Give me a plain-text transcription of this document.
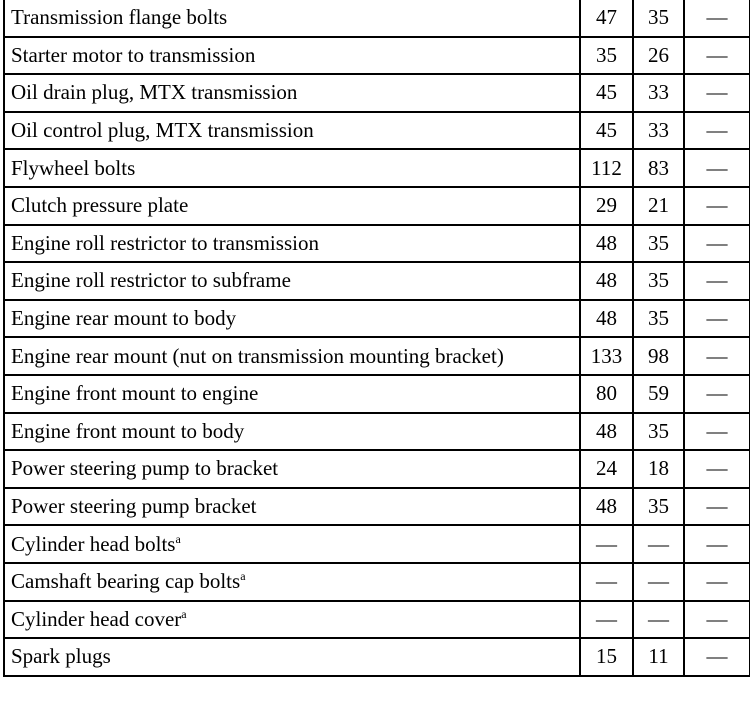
Transmission flange bolts	47	35	—
Starter motor to transmission	35	26	—
Oil drain plug, MTX transmission	45	33	—
Oil control plug, MTX transmission	45	33	—
Flywheel bolts	112	83	—
Clutch pressure plate	29	21	—
Engine roll restrictor to transmission	48	35	—
Engine roll restrictor to subframe	48	35	—
Engine rear mount to body	48	35	—
Engine rear mount (nut on transmission mounting bracket)	133	98	—
Engine front mount to engine	80	59	—
Engine front mount to body	48	35	—
Power steering pump to bracket	24	18	—
Power steering pump bracket	48	35	—
Cylinder head bolts$^a$	—	—	—
Camshaft bearing cap bolts$^a$	—	—	—
Cylinder head cover$^a$	—	—	—
Spark plugs	15	11	—
